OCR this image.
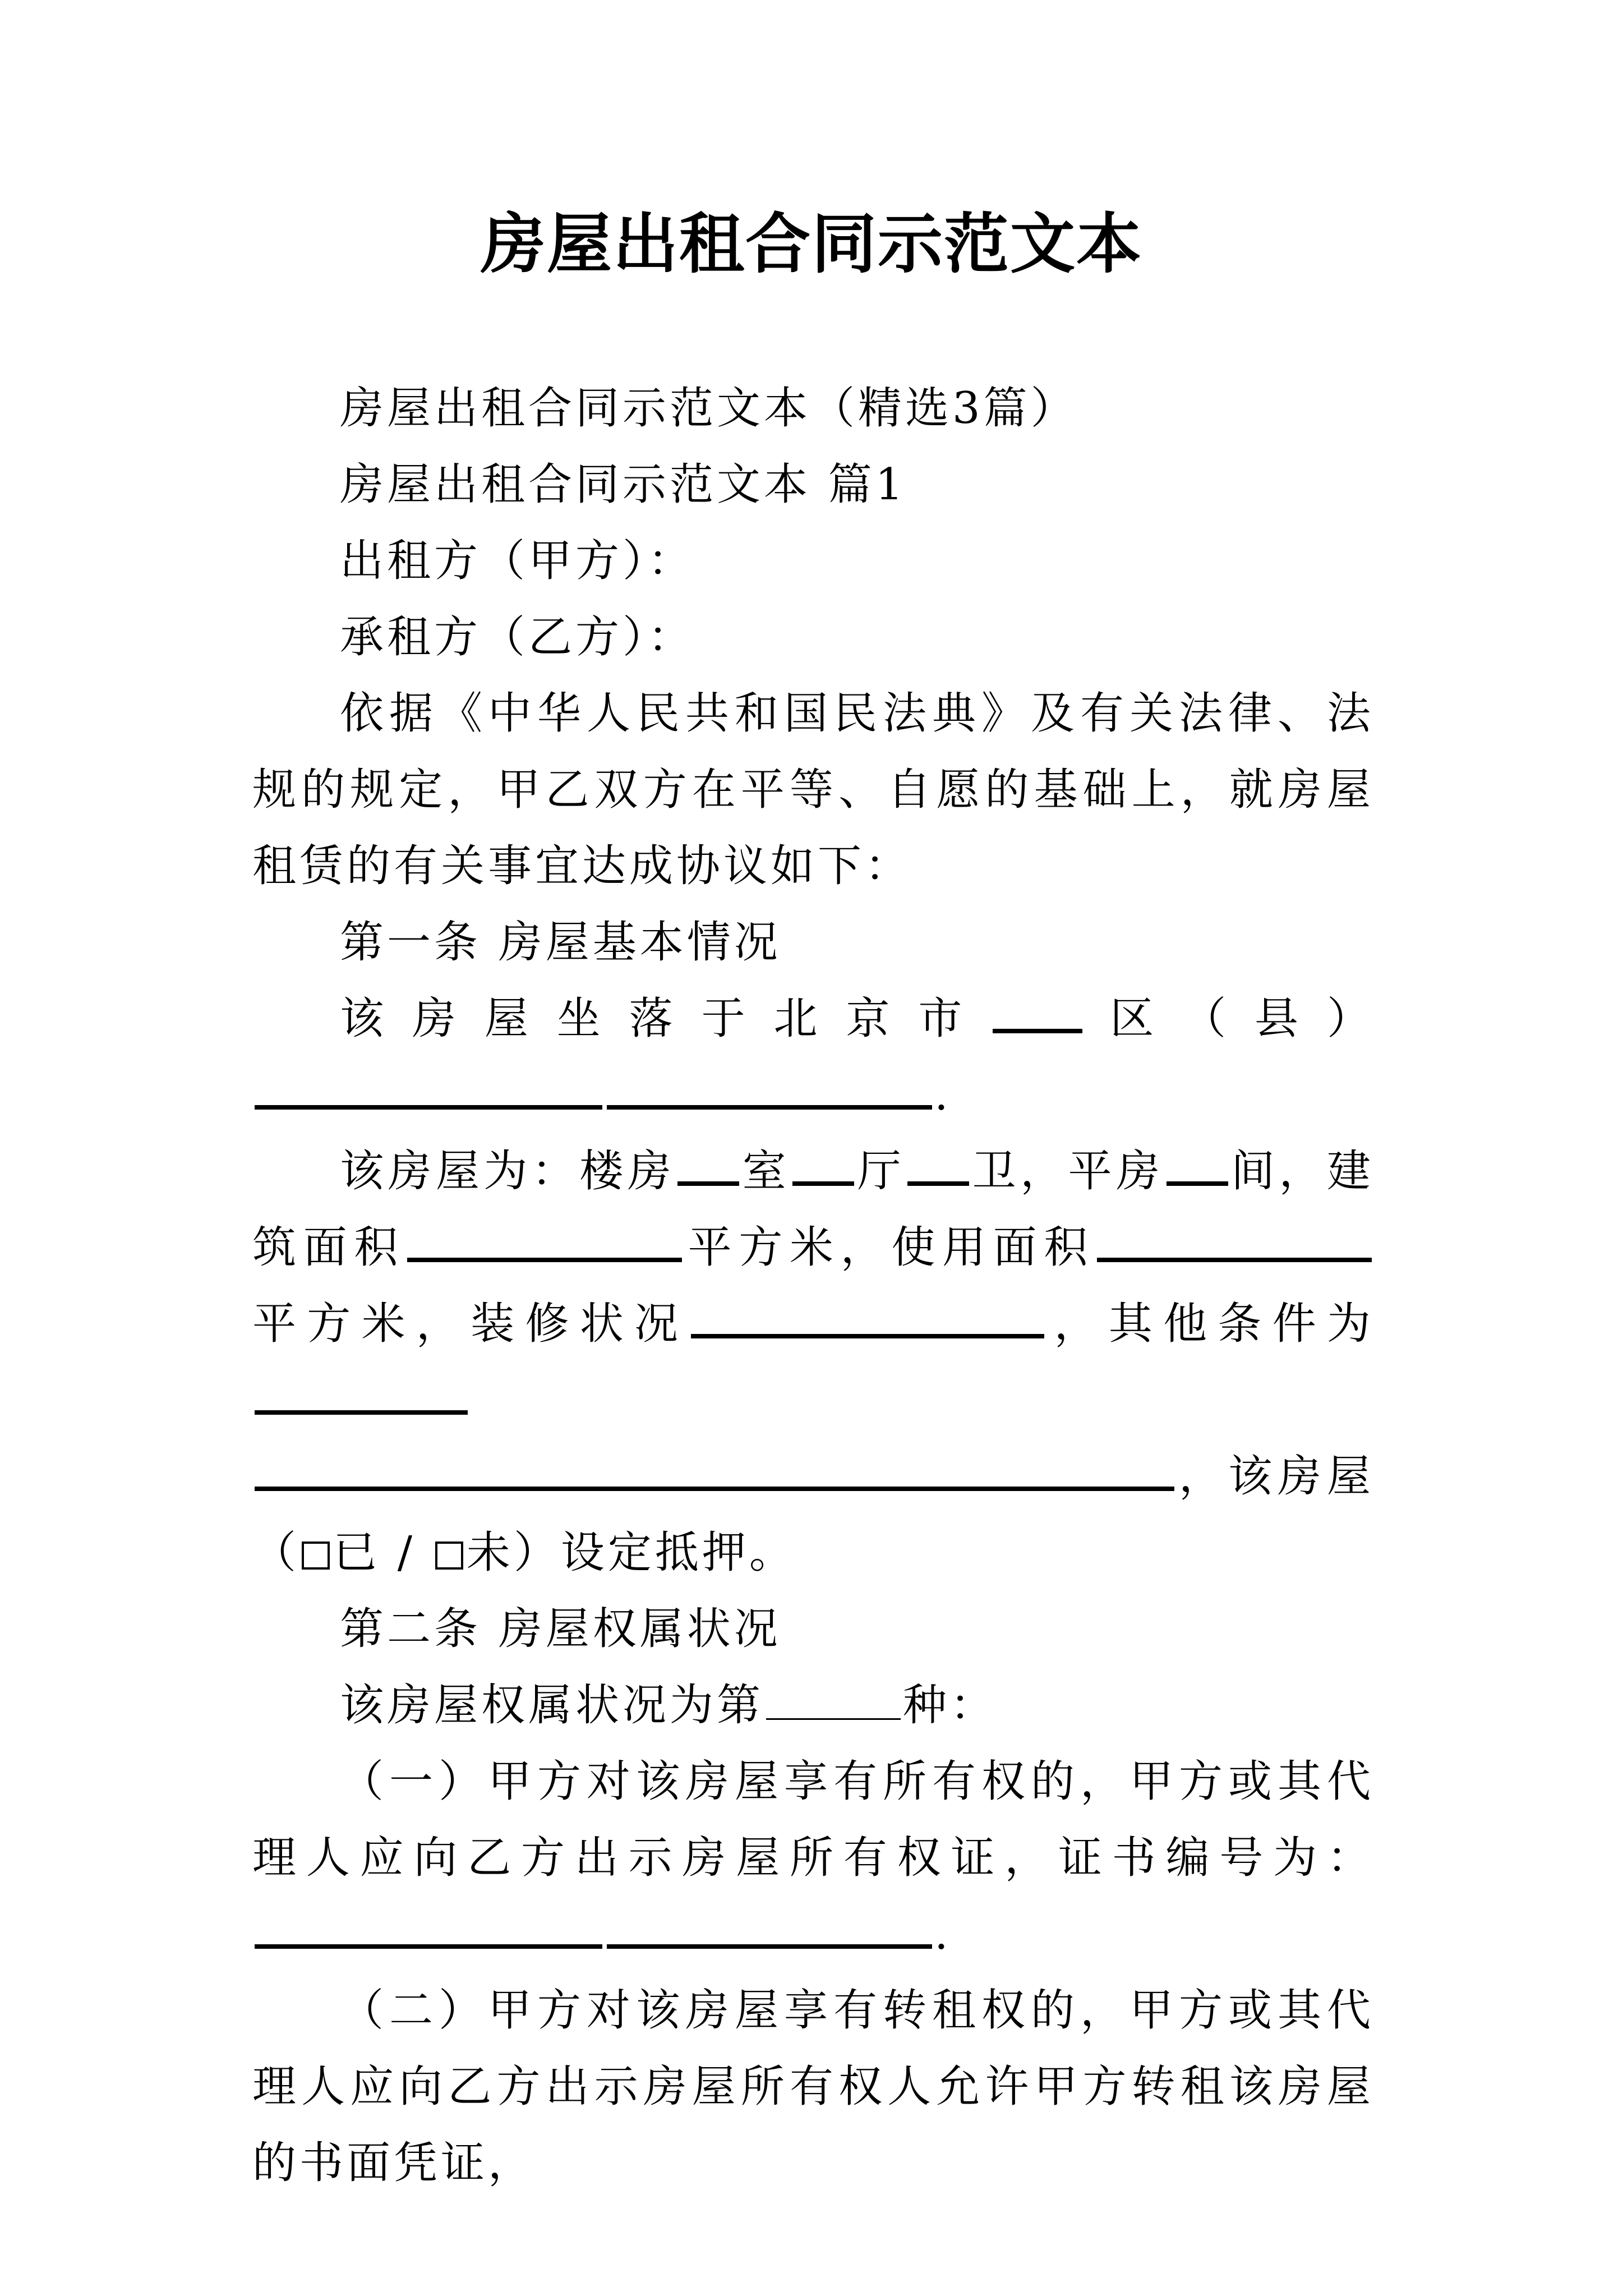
房屋出租合同示范文本

房屋出租合同示范文本（精选3篇）

房屋出租合同示范文本 篇1

出租方（甲方）：

承租方（乙方）：

依据《中华人民共和国民法典》及有关法律、法规的规定，甲乙双方在平等、自愿的基础上，就房屋租赁的有关事宜达成协议如下：

第一条 房屋基本情况

该房屋坐落于北京市 区（县）.

该房屋为：楼房 室 厅 卫，平房 间，建筑面积	平方米，使用面积平方米，装修状况	，其他条件为，该房屋（ 已 / 未）设定抵押。

第二条 房屋权属状况

该房屋权属状况为第	种：

（一）甲方对该房屋享有所有权的，甲方或其代理人应向乙方出示房屋所有权证，证书编号为：.

（二）甲方对该房屋享有转租权的，甲方或其代理人应向乙方出示房屋所有权人允许甲方转租该房屋的书面凭证，
